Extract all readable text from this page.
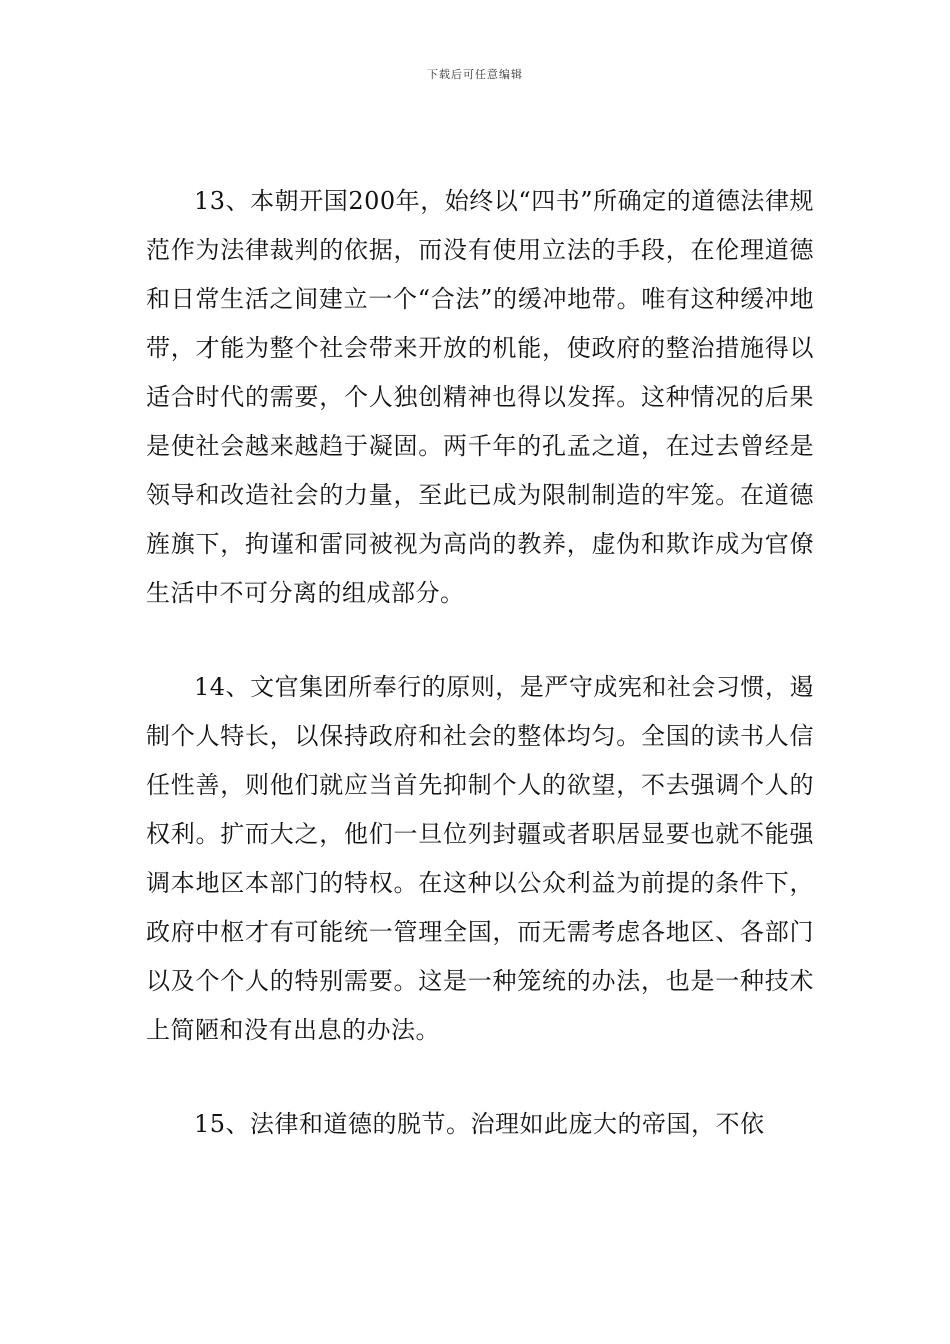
下载后可任意编辑

13、本朝开国200年，始终以“四书”所确定的道德法律规范作为法律裁判的依据，而没有使用立法的手段，在伦理道德和日常生活之间建立一个“合法”的缓冲地带。唯有这种缓冲地带，才能为整个社会带来开放的机能，使政府的整治措施得以适合时代的需要，个人独创精神也得以发挥。这种情况的后果是使社会越来越趋于凝固。两千年的孔孟之道，在过去曾经是领导和改造社会的力量，至此已成为限制制造的牢笼。在道德旌旗下，拘谨和雷同被视为高尚的教养，虚伪和欺诈成为官僚生活中不可分离的组成部分。

14、文官集团所奉行的原则，是严守成宪和社会习惯，遏制个人特长，以保持政府和社会的整体均匀。全国的读书人信任性善，则他们就应当首先抑制个人的欲望，不去强调个人的权利。扩而大之，他们一旦位列封疆或者职居显要也就不能强调本地区本部门的特权。在这种以公众利益为前提的条件下，政府中枢才有可能统一管理全国，而无需考虑各地区、各部门以及个个人的特别需要。这是一种笼统的办法，也是一种技术上简陋和没有出息的办法。

15、法律和道德的脱节。治理如此庞大的帝国，不依
